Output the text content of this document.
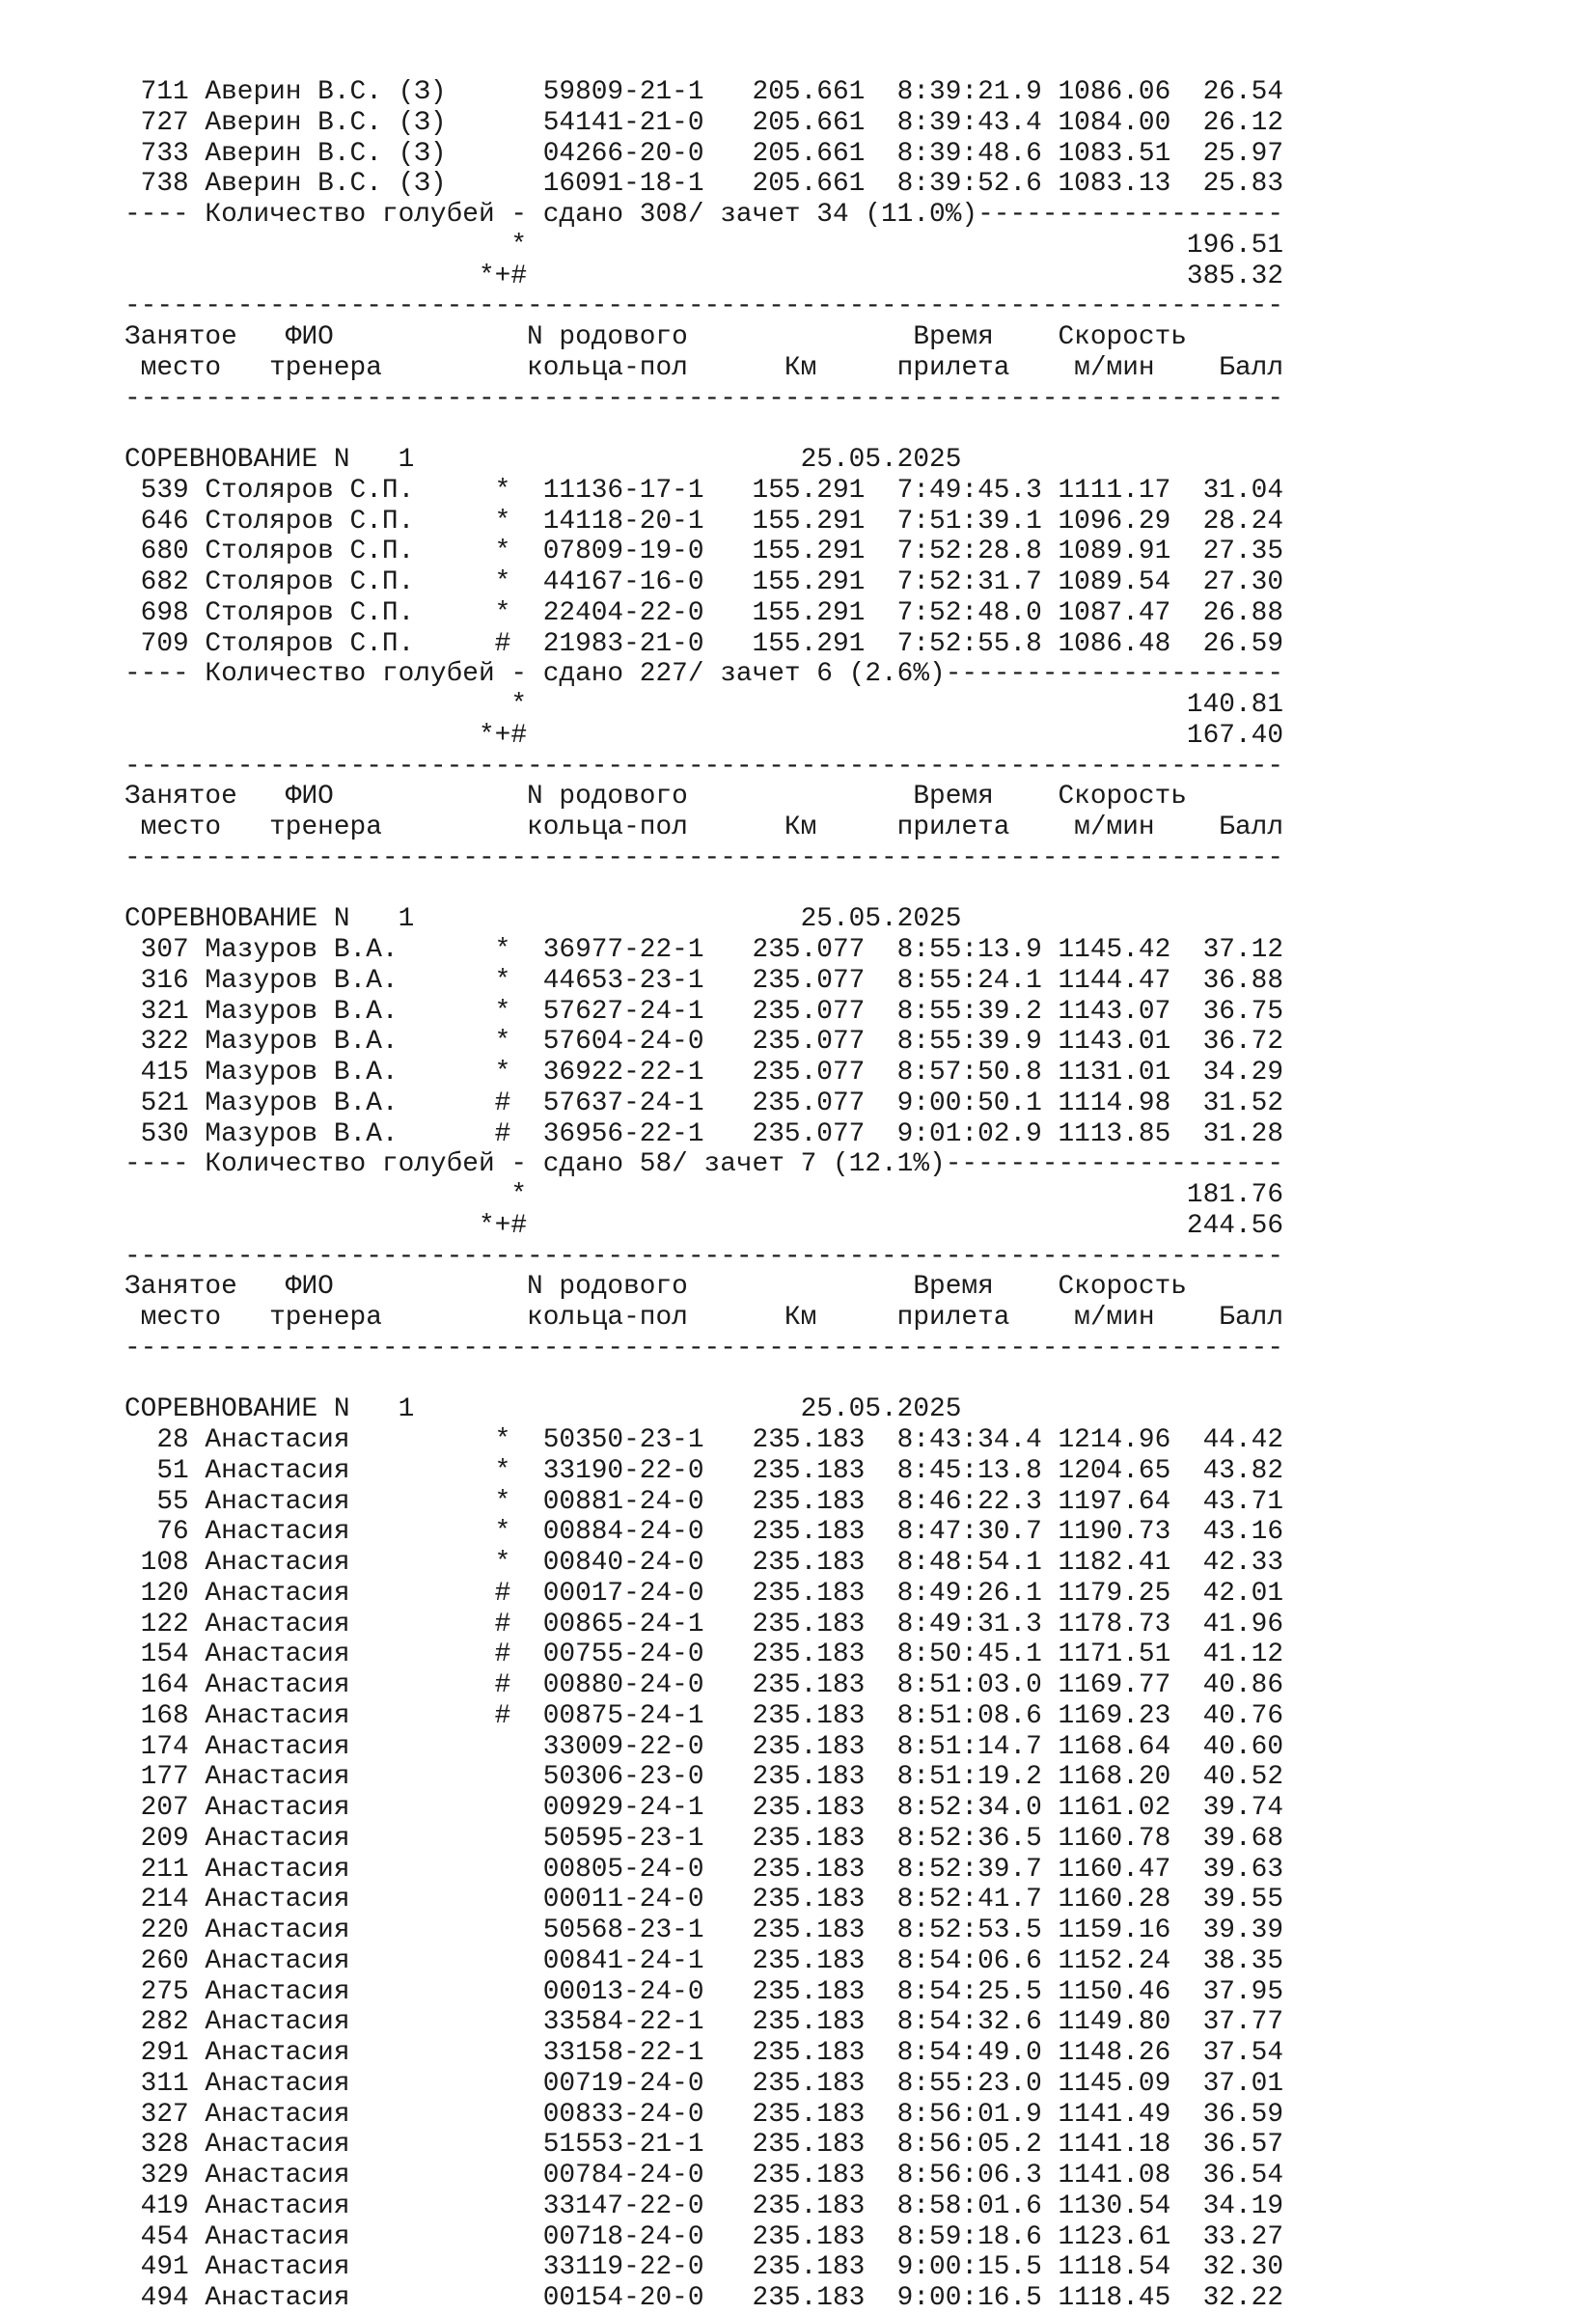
711 Аверин В.С. (З)      59809-21-1   205.661  8:39:21.9 1086.06  26.54
727 Аверин В.С. (З)      54141-21-0   205.661  8:39:43.4 1084.00  26.12
733 Аверин В.С. (З)      04266-20-0   205.661  8:39:48.6 1083.51  25.97
738 Аверин В.С. (З)      16091-18-1   205.661  8:39:52.6 1083.13  25.83
---- Количество голубей - сдано 308/ зачет 34 (11.0%)-------------------
*                                         196.51
*+#                                         385.32
------------------------------------------------------------------------
Занятое   ФИО            N родового              Время    Скорость
место   тренера         кольца-пол      Км     прилета    м/мин    Балл
------------------------------------------------------------------------
СОРЕВНОВАНИЕ N   1                        25.05.2025
539 Столяров С.П.     *  11136-17-1   155.291  7:49:45.3 1111.17  31.04
646 Столяров С.П.     *  14118-20-1   155.291  7:51:39.1 1096.29  28.24
680 Столяров С.П.     *  07809-19-0   155.291  7:52:28.8 1089.91  27.35
682 Столяров С.П.     *  44167-16-0   155.291  7:52:31.7 1089.54  27.30
698 Столяров С.П.     *  22404-22-0   155.291  7:52:48.0 1087.47  26.88
709 Столяров С.П.     #  21983-21-0   155.291  7:52:55.8 1086.48  26.59
---- Количество голубей - сдано 227/ зачет 6 (2.6%)---------------------
*                                         140.81
*+#                                         167.40
------------------------------------------------------------------------
Занятое   ФИО            N родового              Время    Скорость
место   тренера         кольца-пол      Км     прилета    м/мин    Балл
------------------------------------------------------------------------
СОРЕВНОВАНИЕ N   1                        25.05.2025
307 Мазуров В.А.      *  36977-22-1   235.077  8:55:13.9 1145.42  37.12
316 Мазуров В.А.      *  44653-23-1   235.077  8:55:24.1 1144.47  36.88
321 Мазуров В.А.      *  57627-24-1   235.077  8:55:39.2 1143.07  36.75
322 Мазуров В.А.      *  57604-24-0   235.077  8:55:39.9 1143.01  36.72
415 Мазуров В.А.      *  36922-22-1   235.077  8:57:50.8 1131.01  34.29
521 Мазуров В.А.      #  57637-24-1   235.077  9:00:50.1 1114.98  31.52
530 Мазуров В.А.      #  36956-22-1   235.077  9:01:02.9 1113.85  31.28
---- Количество голубей - сдано 58/ зачет 7 (12.1%)---------------------
*                                         181.76
*+#                                         244.56
------------------------------------------------------------------------
Занятое   ФИО            N родового              Время    Скорость
место   тренера         кольца-пол      Км     прилета    м/мин    Балл
------------------------------------------------------------------------
СОРЕВНОВАНИЕ N   1                        25.05.2025
28 Анастасия         *  50350-23-1   235.183  8:43:34.4 1214.96  44.42
51 Анастасия         *  33190-22-0   235.183  8:45:13.8 1204.65  43.82
55 Анастасия         *  00881-24-0   235.183  8:46:22.3 1197.64  43.71
76 Анастасия         *  00884-24-0   235.183  8:47:30.7 1190.73  43.16
108 Анастасия         *  00840-24-0   235.183  8:48:54.1 1182.41  42.33
120 Анастасия         #  00017-24-0   235.183  8:49:26.1 1179.25  42.01
122 Анастасия         #  00865-24-1   235.183  8:49:31.3 1178.73  41.96
154 Анастасия         #  00755-24-0   235.183  8:50:45.1 1171.51  41.12
164 Анастасия         #  00880-24-0   235.183  8:51:03.0 1169.77  40.86
168 Анастасия         #  00875-24-1   235.183  8:51:08.6 1169.23  40.76
174 Анастасия            33009-22-0   235.183  8:51:14.7 1168.64  40.60
177 Анастасия            50306-23-0   235.183  8:51:19.2 1168.20  40.52
207 Анастасия            00929-24-1   235.183  8:52:34.0 1161.02  39.74
209 Анастасия            50595-23-1   235.183  8:52:36.5 1160.78  39.68
211 Анастасия            00805-24-0   235.183  8:52:39.7 1160.47  39.63
214 Анастасия            00011-24-0   235.183  8:52:41.7 1160.28  39.55
220 Анастасия            50568-23-1   235.183  8:52:53.5 1159.16  39.39
260 Анастасия            00841-24-1   235.183  8:54:06.6 1152.24  38.35
275 Анастасия            00013-24-0   235.183  8:54:25.5 1150.46  37.95
282 Анастасия            33584-22-1   235.183  8:54:32.6 1149.80  37.77
291 Анастасия            33158-22-1   235.183  8:54:49.0 1148.26  37.54
311 Анастасия            00719-24-0   235.183  8:55:23.0 1145.09  37.01
327 Анастасия            00833-24-0   235.183  8:56:01.9 1141.49  36.59
328 Анастасия            51553-21-1   235.183  8:56:05.2 1141.18  36.57
329 Анастасия            00784-24-0   235.183  8:56:06.3 1141.08  36.54
419 Анастасия            33147-22-0   235.183  8:58:01.6 1130.54  34.19
454 Анастасия            00718-24-0   235.183  8:59:18.6 1123.61  33.27
491 Анастасия            33119-22-0   235.183  9:00:15.5 1118.54  32.30
494 Анастасия            00154-20-0   235.183  9:00:16.5 1118.45  32.22
